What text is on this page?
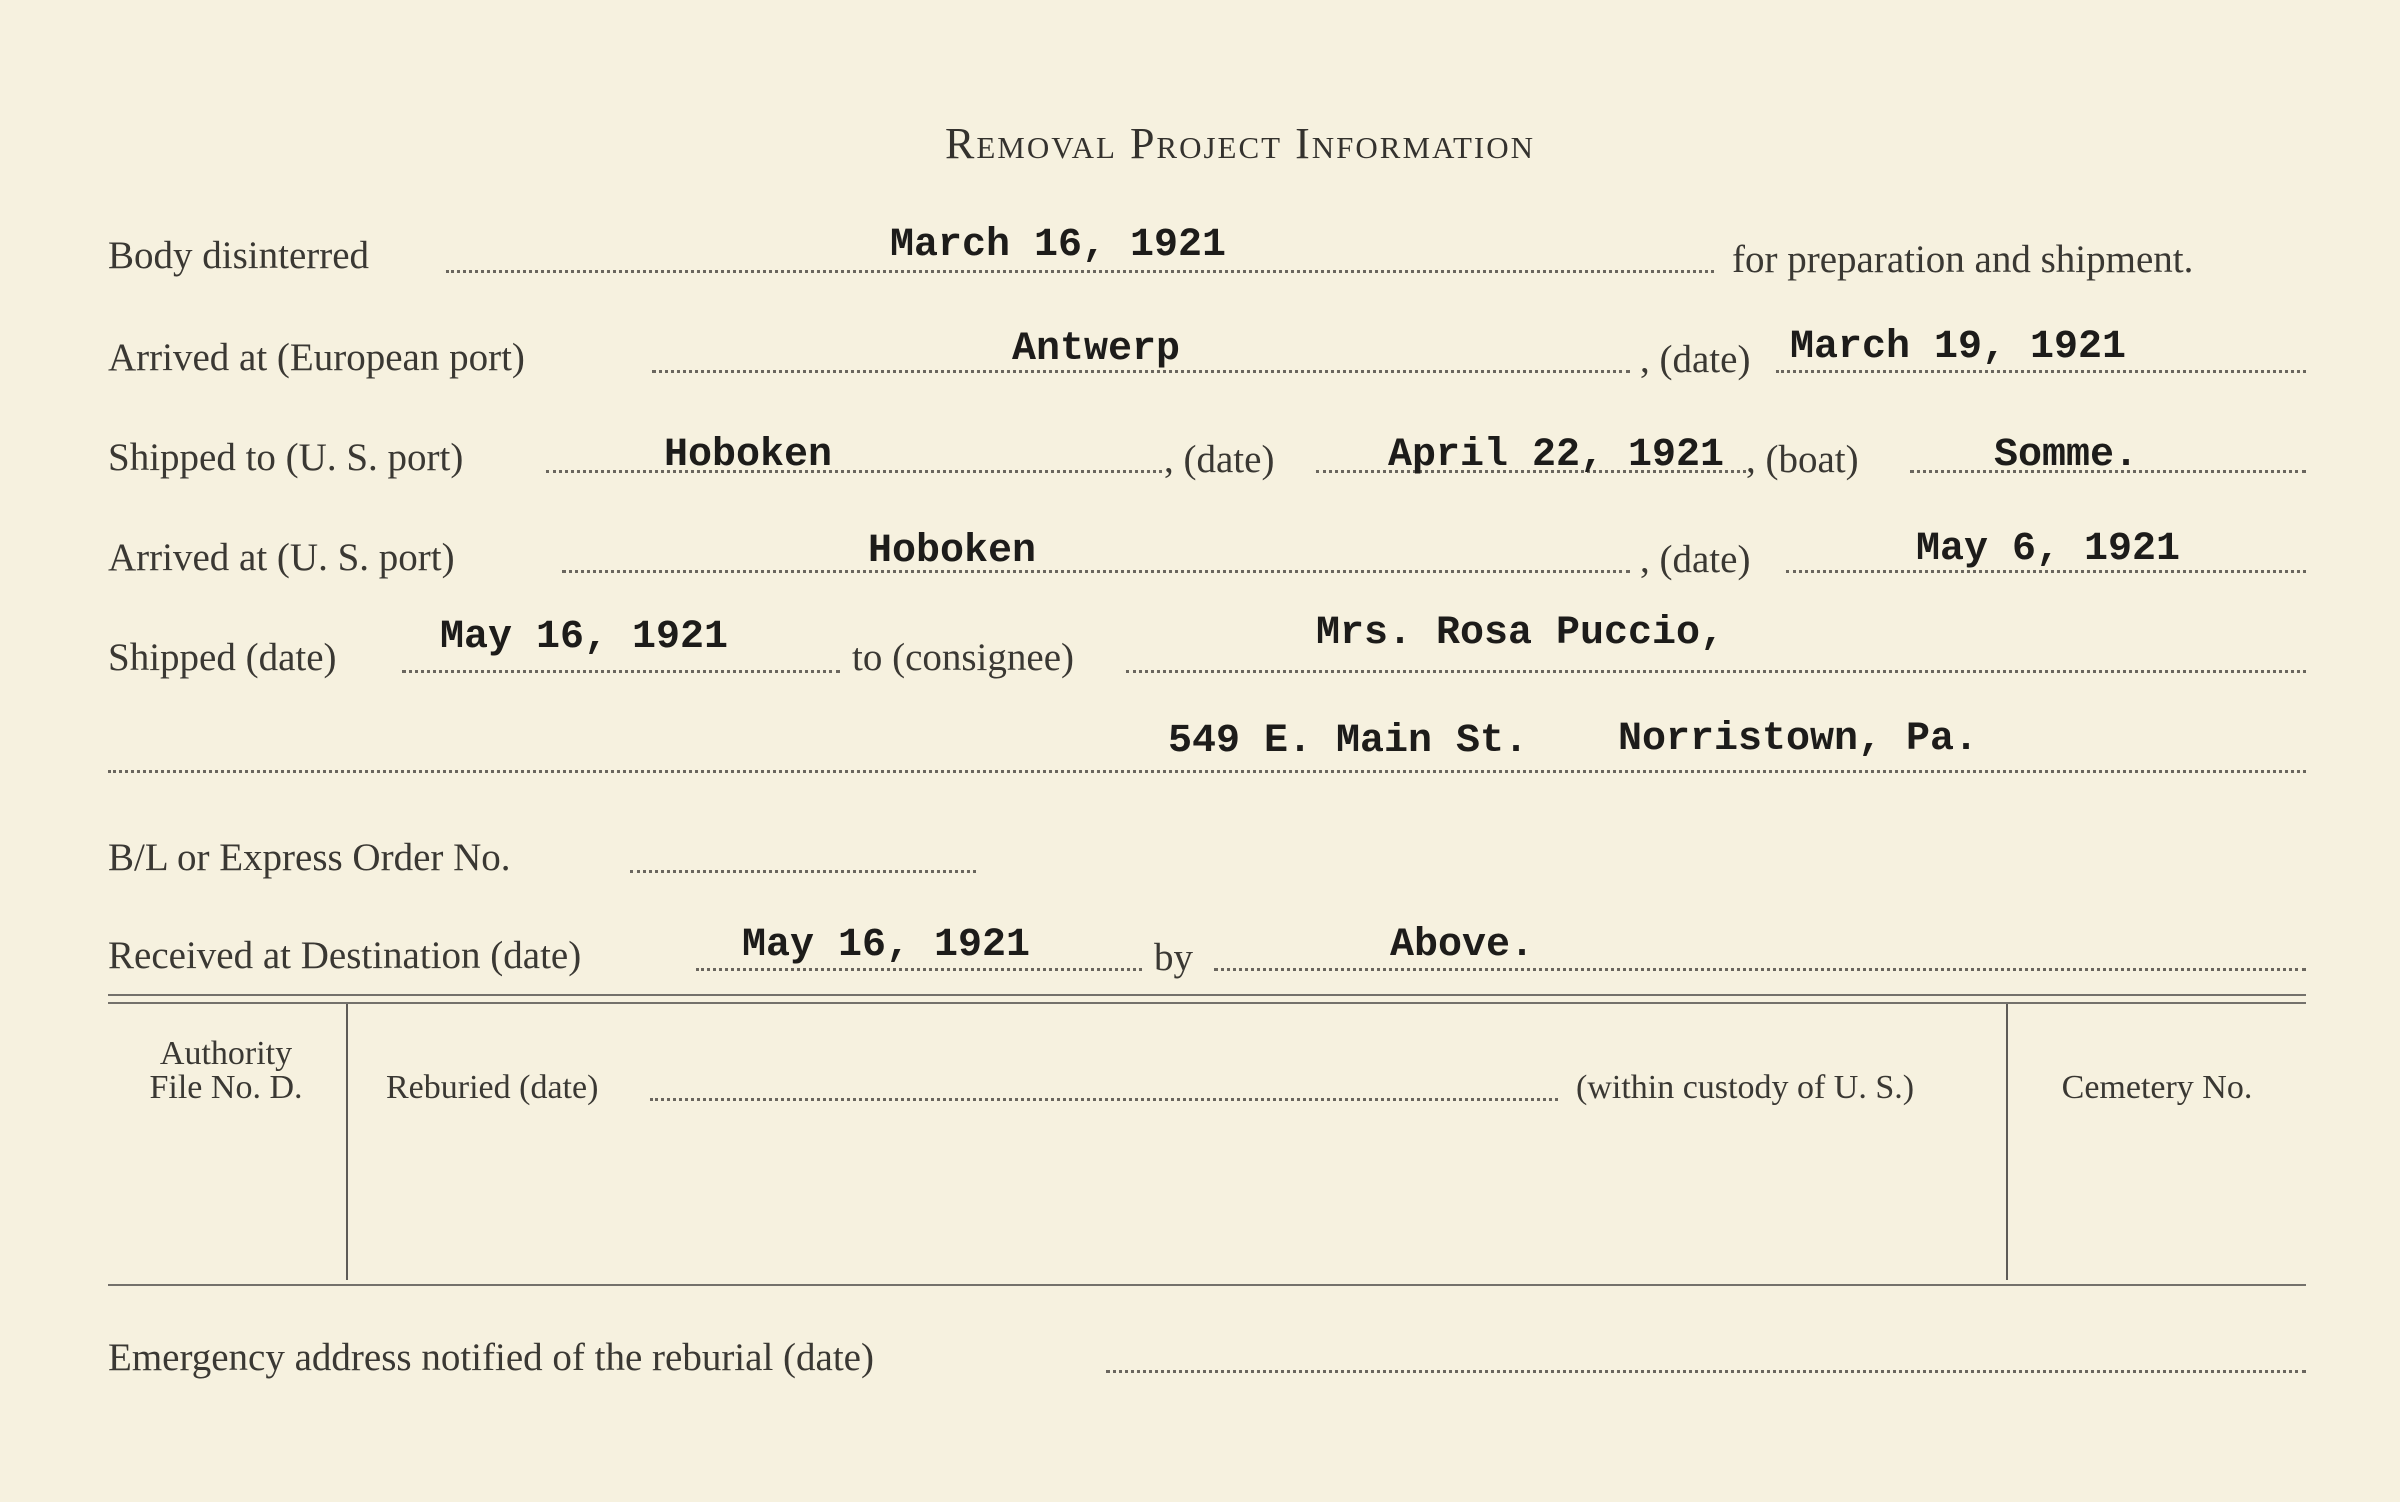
Removal Project Information
Body disinterred	March 16, 1921	for preparation and shipment.
Arrived at (European port)	Antwerp	, (date) March 19, 1921
Shipped to (U. S. port)	Hoboken	, (date)	April 22, 1921 , (boat)	Somme.
Arrived at (U. S. port)	Hoboken	, (date)	May 6, 1921
Shipped (date)	May 16, 1921	to (consignee)
Mrs. Rosa Puccio,
549 E. Main St. Norristown, Pa.
B/L or Express Order No.
Received at Destination (date)	May 16, 1921	by	Above.
Authority
File No. D.	Reburied (date)	(within custody of U. S.)	Cemetery No.
Emergency address notified of the reburial (date)
